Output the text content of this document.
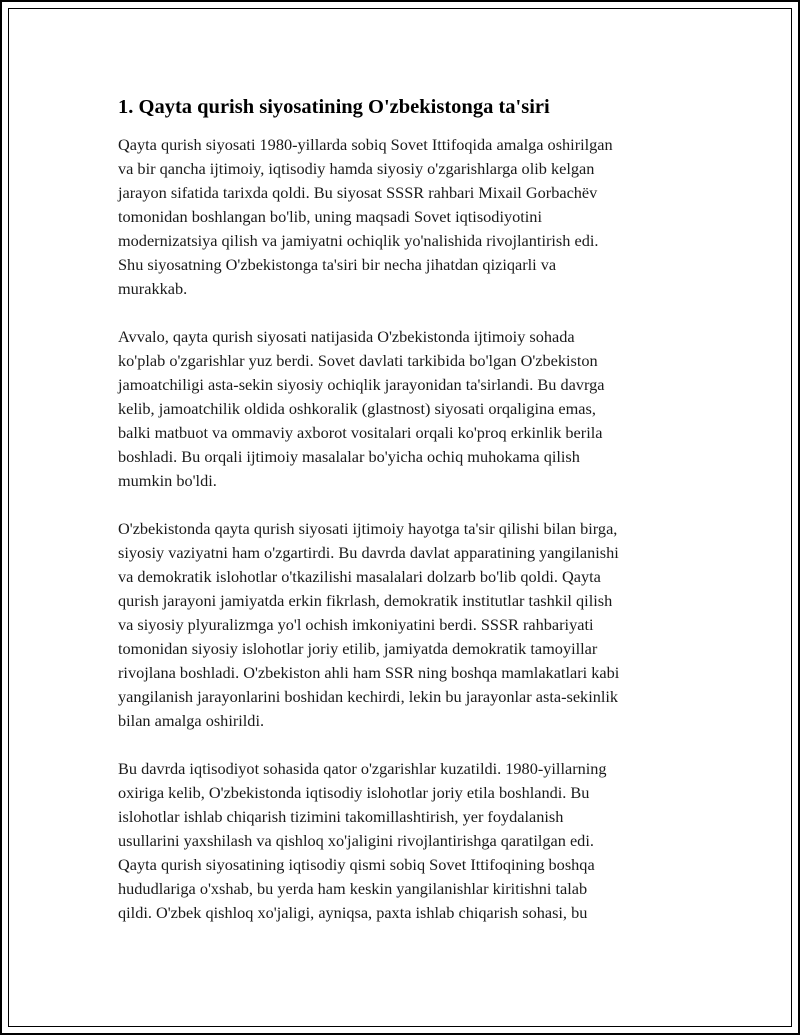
1. Qayta qurish siyosatining O'zbekistonga ta'siri

Qayta qurish siyosati 1980-yillarda sobiq Sovet Ittifoqida amalga oshirilgan
va bir qancha ijtimoiy, iqtisodiy hamda siyosiy o'zgarishlarga olib kelgan
jarayon sifatida tarixda qoldi. Bu siyosat SSSR rahbari Mixail Gorbachëv
tomonidan boshlangan bo'lib, uning maqsadi Sovet iqtisodiyotini
modernizatsiya qilish va jamiyatni ochiqlik yo'nalishida rivojlantirish edi.
Shu siyosatning O'zbekistonga ta'siri bir necha jihatdan qiziqarli va
murakkab.

Avvalo, qayta qurish siyosati natijasida O'zbekistonda ijtimoiy sohada
ko'plab o'zgarishlar yuz berdi. Sovet davlati tarkibida bo'lgan O'zbekiston
jamoatchiligi asta-sekin siyosiy ochiqlik jarayonidan ta'sirlandi. Bu davrga
kelib, jamoatchilik oldida oshkoralik (glastnost) siyosati orqaligina emas,
balki matbuot va ommaviy axborot vositalari orqali ko'proq erkinlik berila
boshladi. Bu orqali ijtimoiy masalalar bo'yicha ochiq muhokama qilish
mumkin bo'ldi.

O'zbekistonda qayta qurish siyosati ijtimoiy hayotga ta'sir qilishi bilan birga,
siyosiy vaziyatni ham o'zgartirdi. Bu davrda davlat apparatining yangilanishi
va demokratik islohotlar o'tkazilishi masalalari dolzarb bo'lib qoldi. Qayta
qurish jarayoni jamiyatda erkin fikrlash, demokratik institutlar tashkil qilish
va siyosiy plyuralizmga yo'l ochish imkoniyatini berdi. SSSR rahbariyati
tomonidan siyosiy islohotlar joriy etilib, jamiyatda demokratik tamoyillar
rivojlana boshladi. O'zbekiston ahli ham SSR ning boshqa mamlakatlari kabi
yangilanish jarayonlarini boshidan kechirdi, lekin bu jarayonlar asta-sekinlik
bilan amalga oshirildi.

Bu davrda iqtisodiyot sohasida qator o'zgarishlar kuzatildi. 1980-yillarning
oxiriga kelib, O'zbekistonda iqtisodiy islohotlar joriy etila boshlandi. Bu
islohotlar ishlab chiqarish tizimini takomillashtirish, yer foydalanish
usullarini yaxshilash va qishloq xo'jaligini rivojlantirishga qaratilgan edi.
Qayta qurish siyosatining iqtisodiy qismi sobiq Sovet Ittifoqining boshqa
hududlariga o'xshab, bu yerda ham keskin yangilanishlar kiritishni talab
qildi. O'zbek qishloq xo'jaligi, ayniqsa, paxta ishlab chiqarish sohasi, bu
